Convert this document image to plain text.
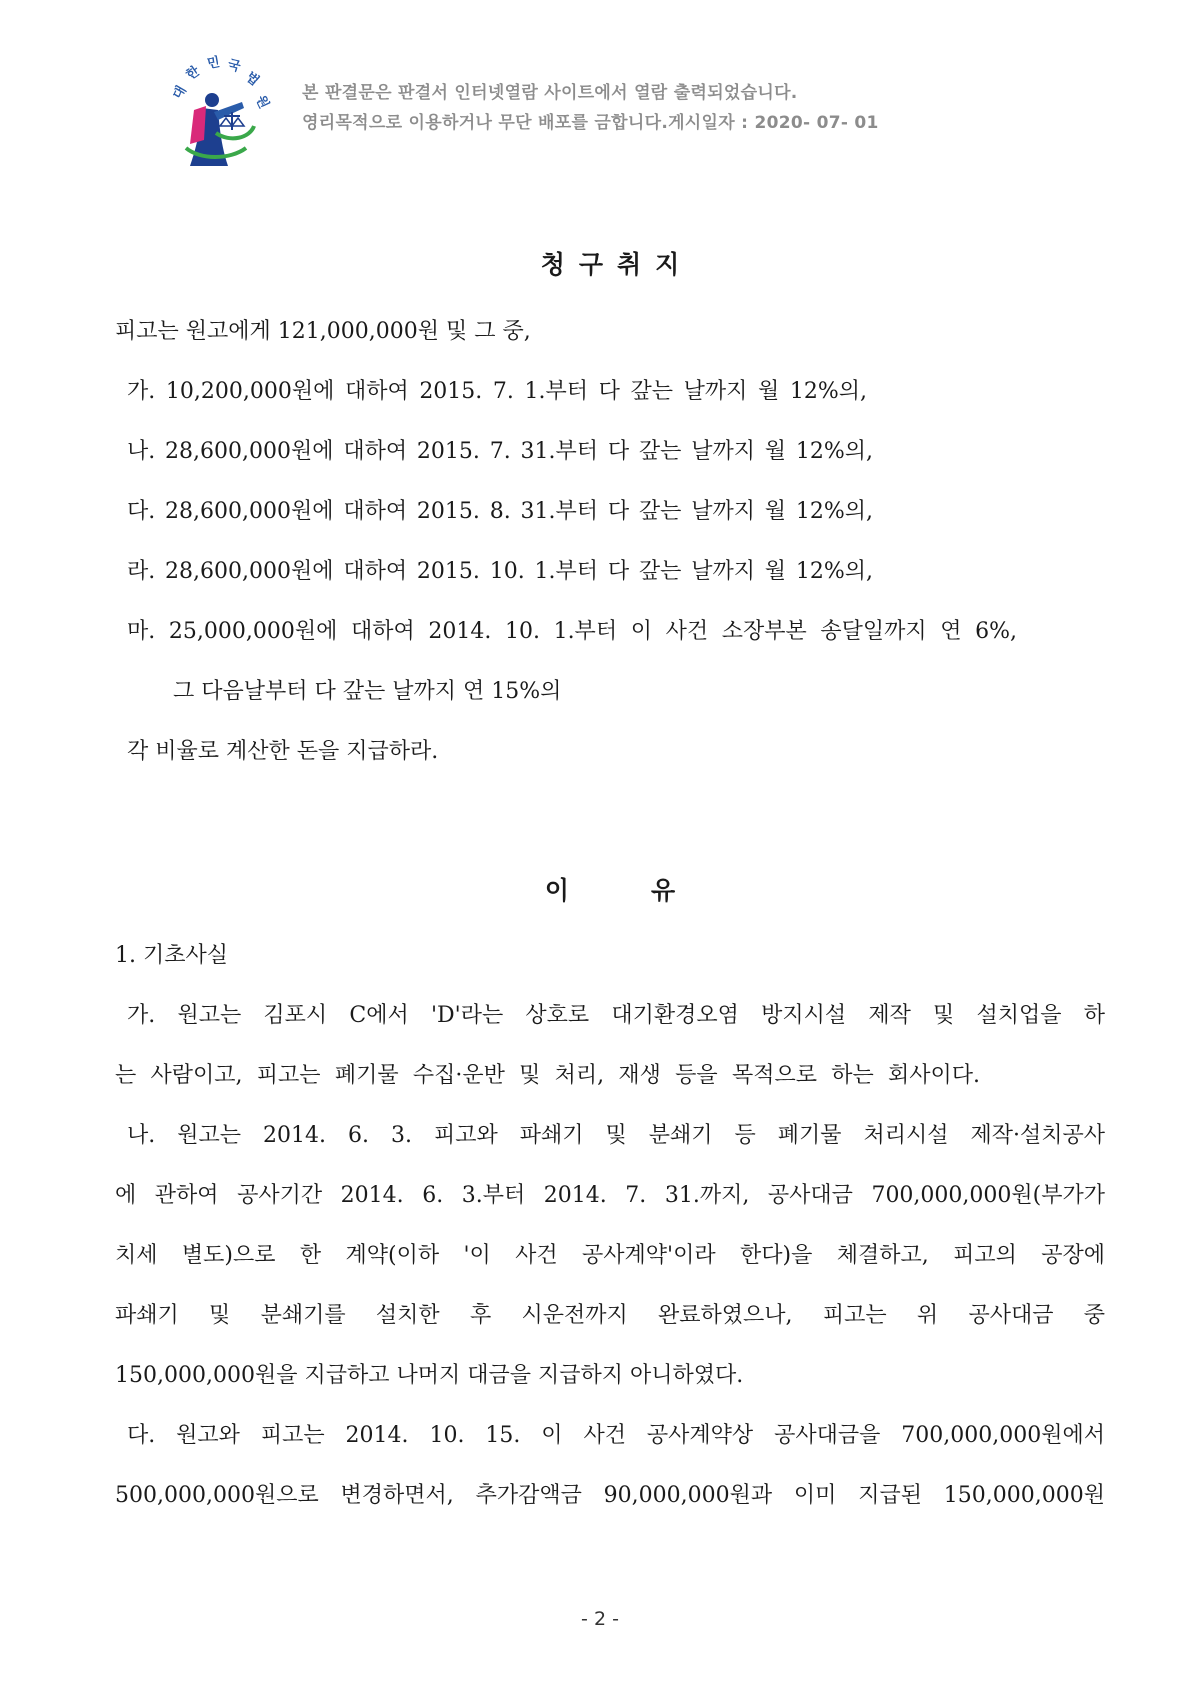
대
한
민 국
법
원 본 판결문은 판결서 인터넷열람 사이트에서 열람 출력되었습니다.
영리목적으로 이용하거나 무단 배포를 금합니다.게시일자 : 2020- 07- 01
청구취지
피고는 원고에게 121,000,000원 및 그 중,
가. 10,200,000원에 대하여 2015. 7. 1.부터 다 갚는 날까지 월 12%의,
나. 28,600,000원에 대하여 2015. 7. 31.부터 다 갚는 날까지 월 12%의,
다. 28,600,000원에 대하여 2015. 8. 31.부터 다 갚는 날까지 월 12%의,
라. 28,600,000원에 대하여 2015. 10. 1.부터 다 갚는 날까지 월 12%의,
마. 25,000,000원에 대하여 2014. 10. 1.부터 이 사건 소장부본 송달일까지 연 6%,
그 다음날부터 다 갚는 날까지 연 15%의
각 비율로 계산한 돈을 지급하라.
이	유
1. 기초사실
가. 원고는 김포시 C에서 'D'라는 상호로 대기환경오염 방지시설 제작 및 설치업을 하
는 사람이고, 피고는 폐기물 수집·운반 및 처리, 재생 등을 목적으로 하는 회사이다.
나. 원고는 2014. 6. 3. 피고와 파쇄기 및 분쇄기 등 폐기물 처리시설 제작·설치공사
에 관하여 공사기간 2014. 6. 3.부터 2014. 7. 31.까지, 공사대금 700,000,000원(부가가
치세 별도)으로 한 계약(이하 '이 사건 공사계약'이라 한다)을 체결하고, 피고의 공장에
파쇄기 및 분쇄기를 설치한 후 시운전까지 완료하였으나, 피고는 위 공사대금 중
150,000,000원을 지급하고 나머지 대금을 지급하지 아니하였다.
다. 원고와 피고는 2014. 10. 15. 이 사건 공사계약상 공사대금을 700,000,000원에서
500,000,000원으로 변경하면서, 추가감액금 90,000,000원과 이미 지급된 150,000,000원
- 2 -
